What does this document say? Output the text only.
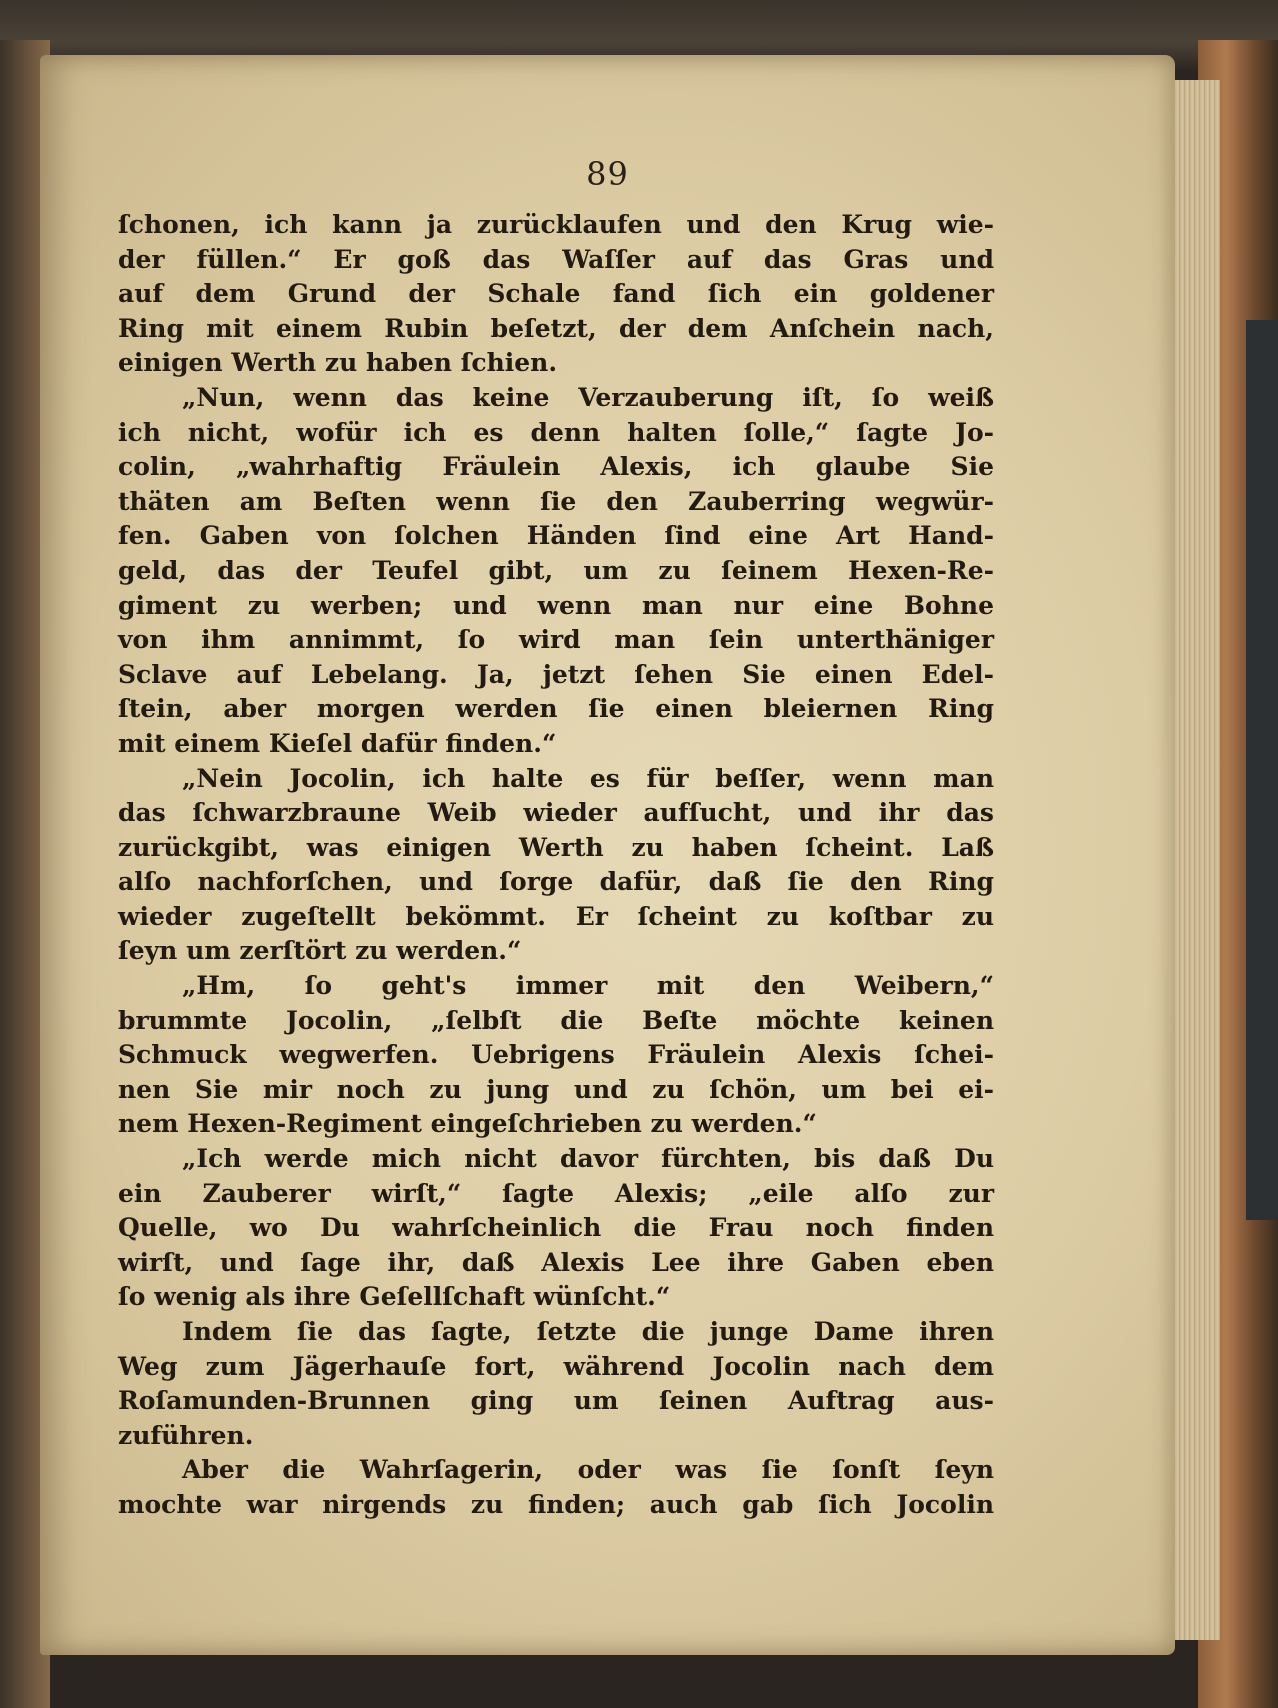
89
ſchonen, ich kann ja zurücklaufen und den Krug wie-
der füllen.“ Er goß das Waſſer auf das Gras und
auf dem Grund der Schale fand ſich ein goldener
Ring mit einem Rubin beſetzt, der dem Anſchein nach,
einigen Werth zu haben ſchien.
„Nun, wenn das keine Verzauberung iſt, ſo weiß
ich nicht, wofür ich es denn halten ſolle,“ ſagte Jo-
colin, „wahrhaftig Fräulein Alexis, ich glaube Sie
thäten am Beſten wenn ſie den Zauberring wegwür-
fen. Gaben von ſolchen Händen ſind eine Art Hand-
geld, das der Teufel gibt, um zu ſeinem Hexen-Re-
giment zu werben; und wenn man nur eine Bohne
von ihm annimmt, ſo wird man ſein unterthäniger
Sclave auf Lebelang. Ja, jetzt ſehen Sie einen Edel-
ſtein, aber morgen werden ſie einen bleiernen Ring
mit einem Kieſel dafür finden.“
„Nein Jocolin, ich halte es für beſſer, wenn man
das ſchwarzbraune Weib wieder aufſucht, und ihr das
zurückgibt, was einigen Werth zu haben ſcheint. Laß
alſo nachforſchen, und ſorge dafür, daß ſie den Ring
wieder zugeſtellt bekömmt. Er ſcheint zu koſtbar zu
ſeyn um zerſtört zu werden.“
„Hm, ſo geht's immer mit den Weibern,“
brummte Jocolin, „ſelbſt die Beſte möchte keinen
Schmuck wegwerfen. Uebrigens Fräulein Alexis ſchei-
nen Sie mir noch zu jung und zu ſchön, um bei ei-
nem Hexen-Regiment eingeſchrieben zu werden.“
„Ich werde mich nicht davor fürchten, bis daß Du
ein Zauberer wirſt,“ ſagte Alexis; „eile alſo zur
Quelle, wo Du wahrſcheinlich die Frau noch finden
wirſt, und ſage ihr, daß Alexis Lee ihre Gaben eben
ſo wenig als ihre Geſellſchaft wünſcht.“
Indem ſie das ſagte, ſetzte die junge Dame ihren
Weg zum Jägerhauſe fort, während Jocolin nach dem
Roſamunden-Brunnen ging um ſeinen Auftrag aus-
zuführen.
Aber die Wahrſagerin, oder was ſie ſonſt ſeyn
mochte war nirgends zu finden; auch gab ſich Jocolin
